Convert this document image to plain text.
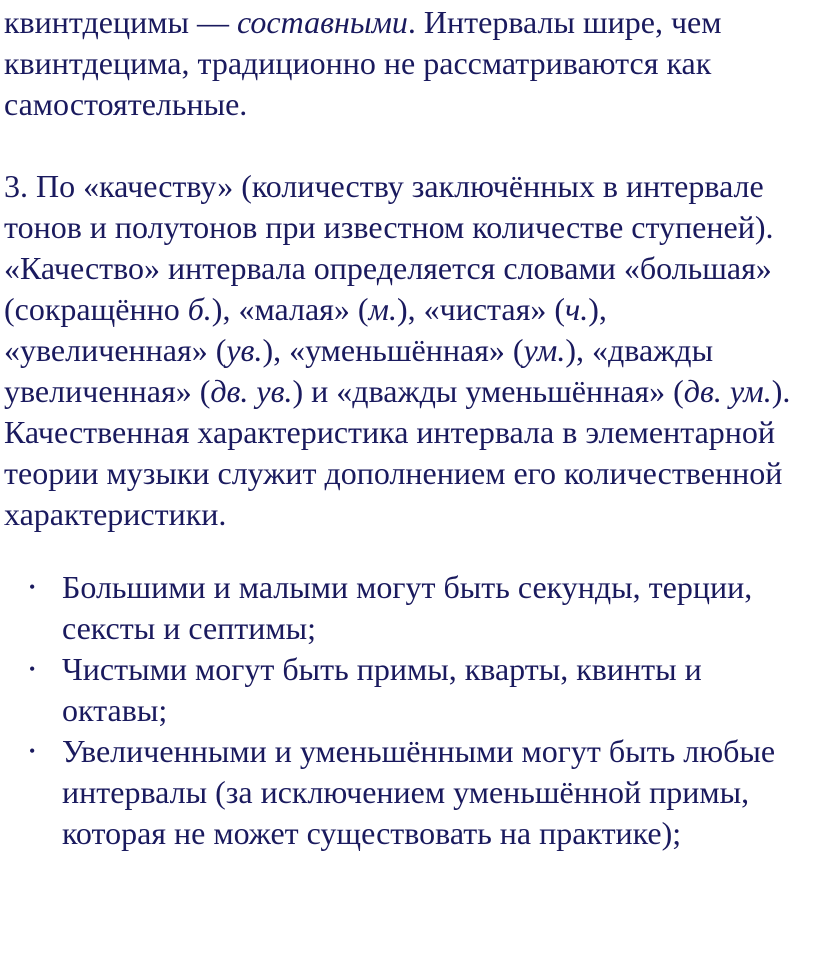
квинтдецимы — составными. Интервалы шире, чем квинтдецима, традиционно не рассматриваются как самостоятельные.

3. По «качеству» (количеству заключённых в интервале тонов и полутонов при известном количестве ступеней). «Качество» интервала определяется словами «большая» (сокращённо б.), «малая» (м.), «чистая» (ч.), «увеличенная» (ув.), «уменьшённая» (ум.), «дважды увеличенная» (дв. ув.) и «дважды уменьшённая» (дв. ум.). Качественная характеристика интервала в элементарной теории музыки служит дополнением его количественной характеристики.

• Большими и малыми могут быть секунды, терции, сексты и септимы;
• Чистыми могут быть примы, кварты, квинты и октавы;
• Увеличенными и уменьшёнными могут быть любые интервалы (за исключением уменьшённой примы, которая не может существовать на практике);
